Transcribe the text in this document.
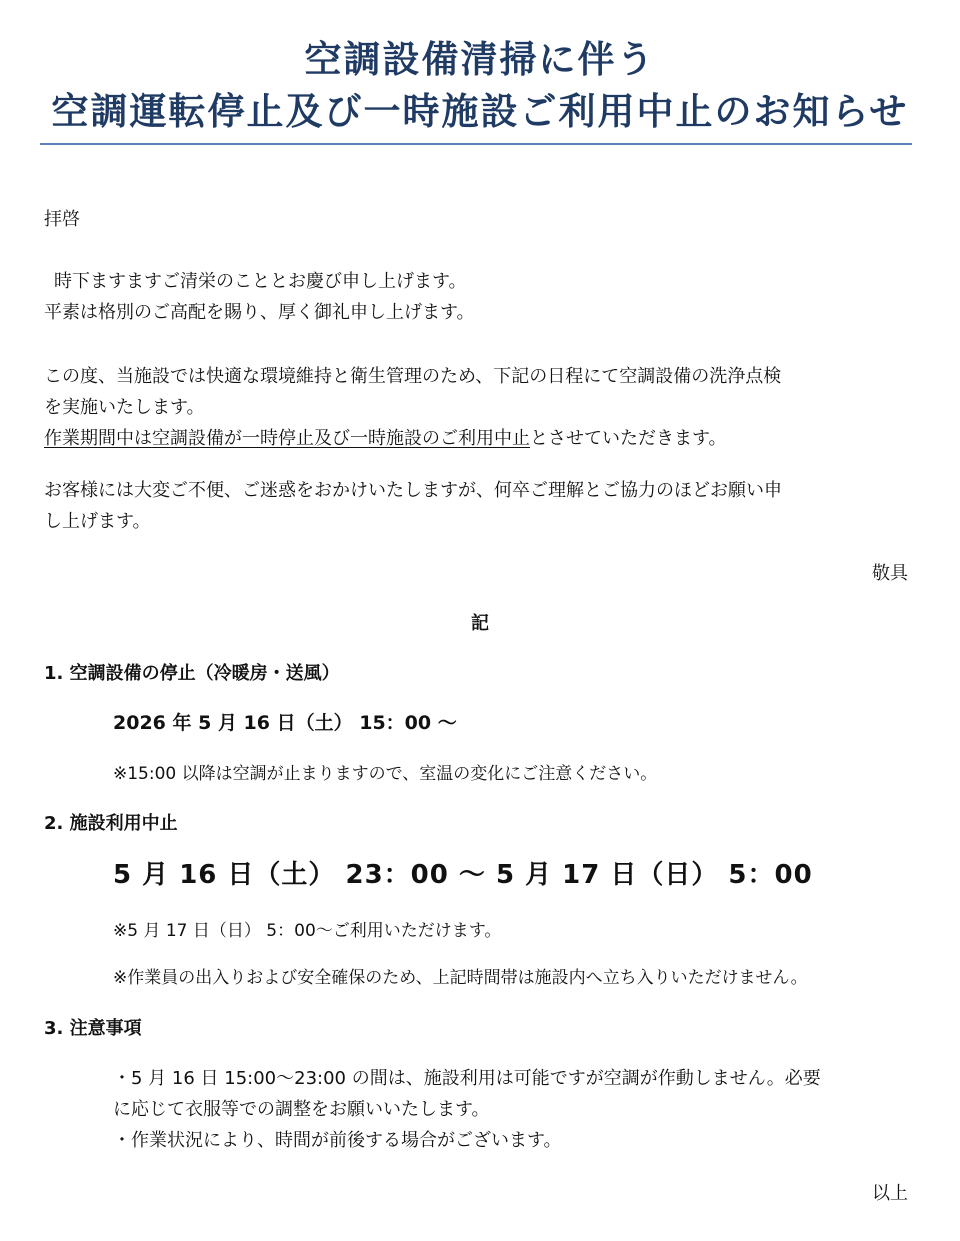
空調設備清掃に伴う
空調運転停止及び一時施設ご利用中止のお知らせ
拝啓
時下ますますご清栄のこととお慶び申し上げます。
平素は格別のご高配を賜り、厚く御礼申し上げます。
この度、当施設では快適な環境維持と衛生管理のため、下記の日程にて空調設備の洗浄点検
を実施いたします。
作業期間中は空調設備が一時停止及び一時施設のご利用中止とさせていただきます。
お客様には大変ご不便、ご迷惑をおかけいたしますが、何卒ご理解とご協力のほどお願い申
し上げます。
敬具
記
1. 空調設備の停止（冷暖房・送風）
2026 年 5 月 16 日（土） 15：00 ～
※15:00 以降は空調が止まりますので、室温の変化にご注意ください。
2. 施設利用中止
5 月 16 日（土） 23：00 ～ 5 月 17 日（日） 5：00
※5 月 17 日（日） 5：00～ご利用いただけます。
※作業員の出入りおよび安全確保のため、上記時間帯は施設内へ立ち入りいただけません。
3. 注意事項
・5 月 16 日 15:00～23:00 の間は、施設利用は可能ですが空調が作動しません。必要
に応じて衣服等での調整をお願いいたします。
・作業状況により、時間が前後する場合がございます。
以上
